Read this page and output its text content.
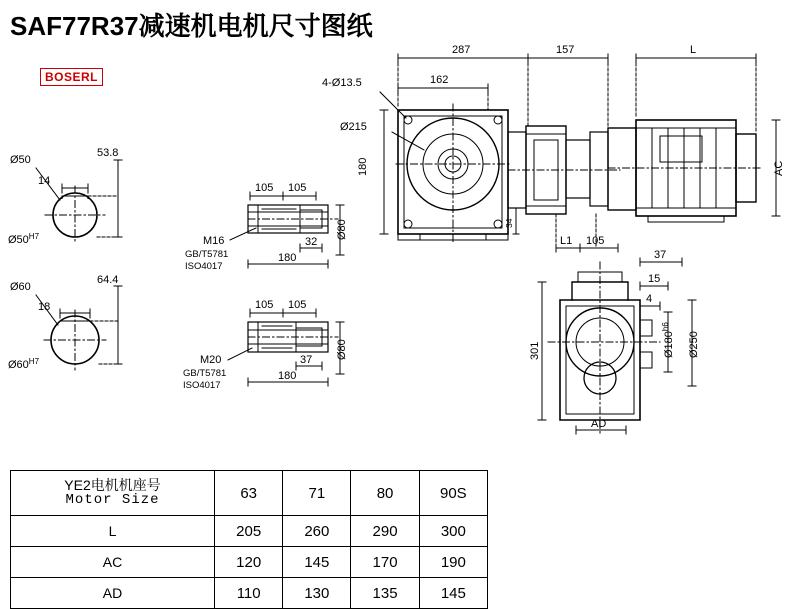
SAF77R37减速机电机尺寸图纸
BOSERL
Ø50
14
53.8
$Ø50^{H7}$
Ø60
18
64.4
$Ø60^{H7}$
105 105
M16
GB/T5781
ISO4017
32
180
Ø80
105 105
M20
GB/T5781
ISO4017
37
180
Ø80
287
162
157	L
4-Ø13.5
Ø215
180
34
AC
L1 105
37
15
4
301	$Ø180^{h6}$
Ø250
AD
YE2电机机座号
Motor Size	63	71	80	90S
L	205	260	290	300
AC	120	145	170	190
AD	110	130	135	145
